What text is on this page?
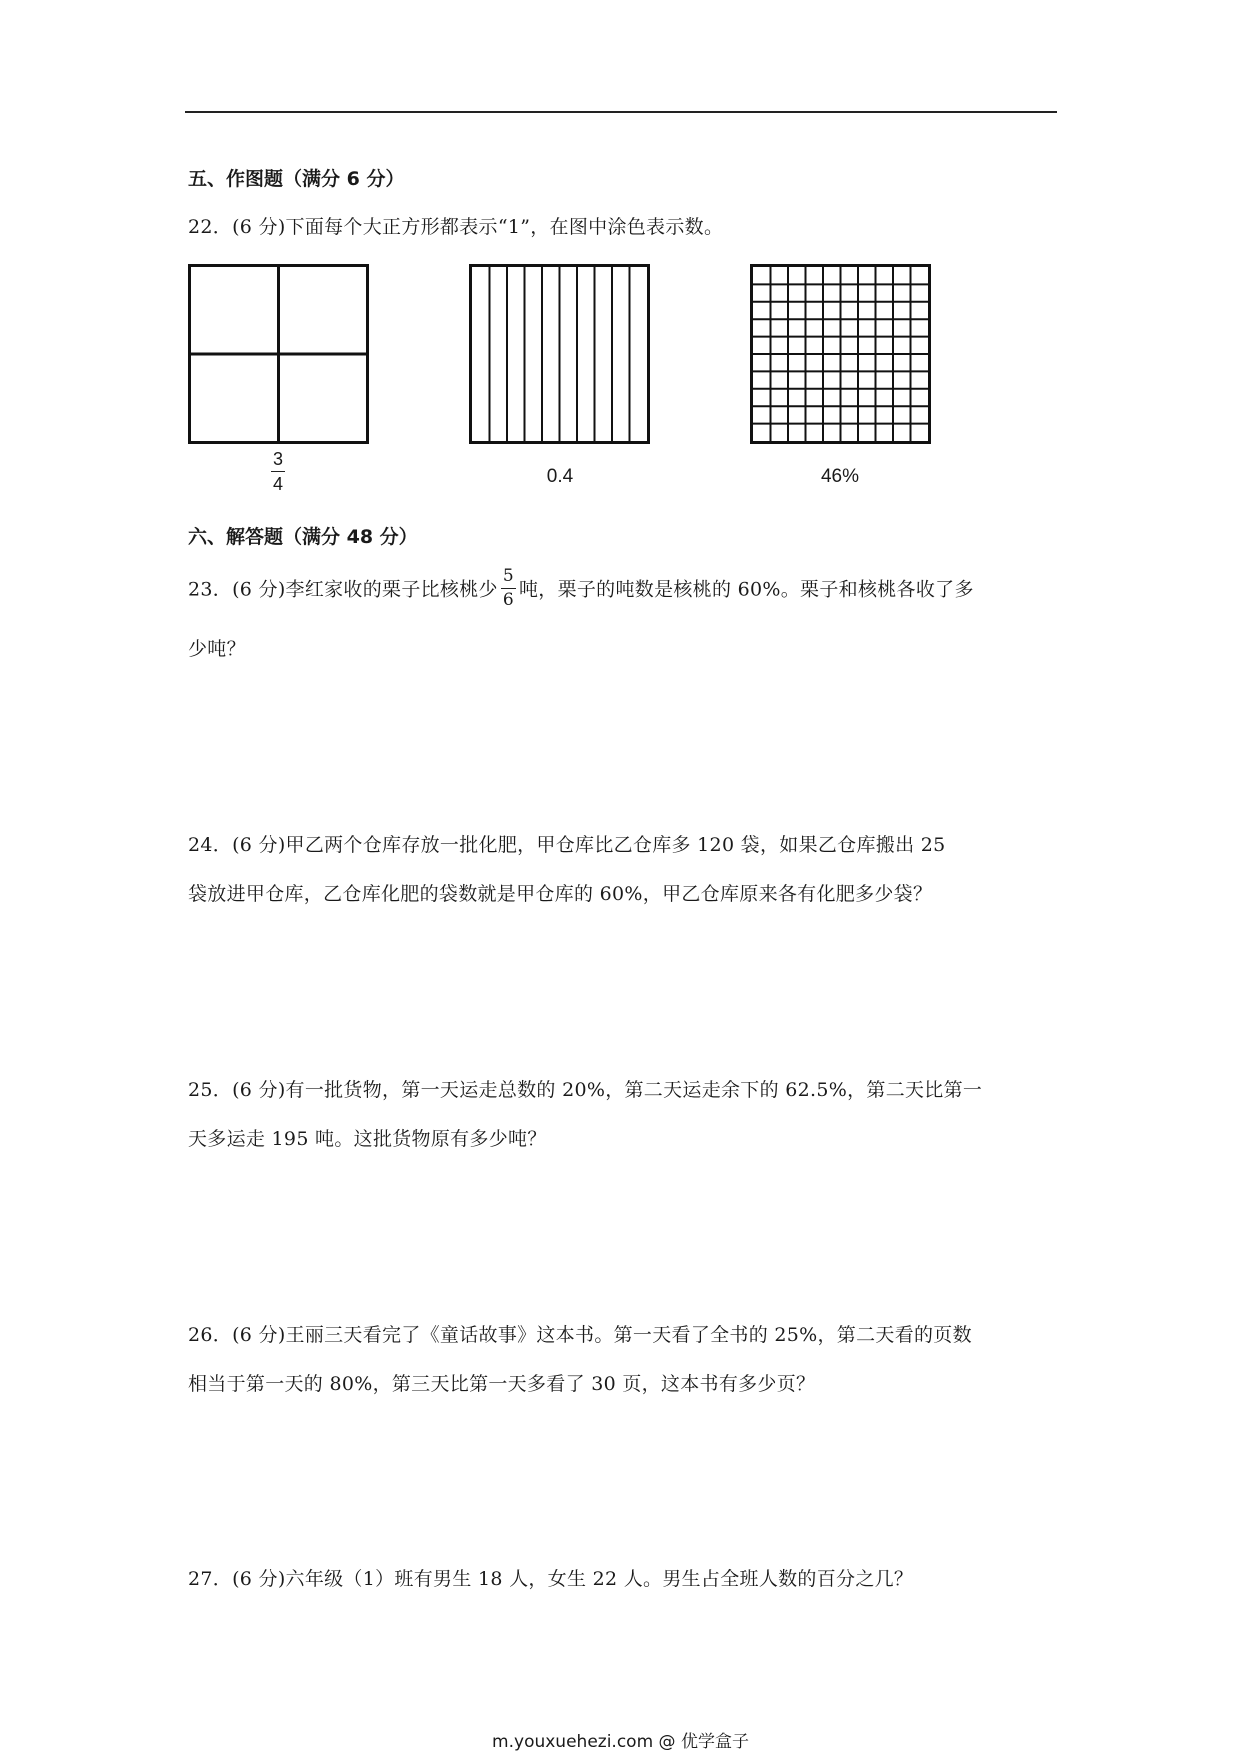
五、作图题（满分 6 分）
22．(6 分)下面每个大正方形都表示“1”，在图中涂色表示数。
$\frac{3}{4}$	0.4	46%
六、解答题（满分 48 分）
23．(6 分)李红家收的栗子比核桃少 $\frac{5}{6}$ 吨，栗子的吨数是核桃的 60%。栗子和核桃各收了多
少吨？
24．(6 分)甲乙两个仓库存放一批化肥，甲仓库比乙仓库多 120 袋，如果乙仓库搬出 25
袋放进甲仓库，乙仓库化肥的袋数就是甲仓库的 60%，甲乙仓库原来各有化肥多少袋？
25．(6 分)有一批货物，第一天运走总数的 20%，第二天运走余下的 62.5%，第二天比第一
天多运走 195 吨。这批货物原有多少吨？
26．(6 分)王丽三天看完了《童话故事》这本书。第一天看了全书的 25%，第二天看的页数
相当于第一天的 80%，第三天比第一天多看了 30 页，这本书有多少页？
27．(6 分)六年级（1）班有男生 18 人，女生 22 人。男生占全班人数的百分之几？
m.youxuehezi.com @ 优学盒子
